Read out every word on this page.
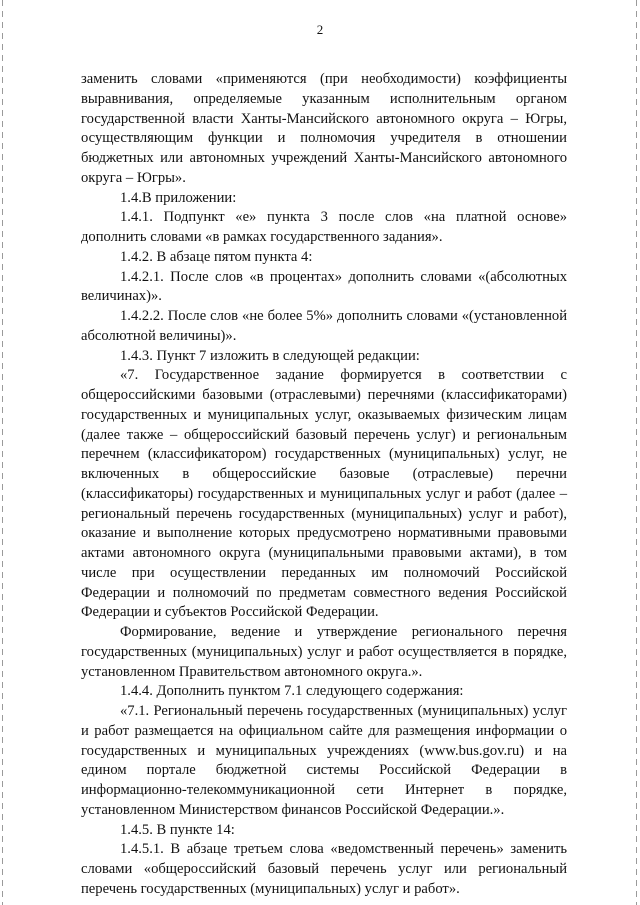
2

заменить словами «применяются (при необходимости) коэффициенты выравнивания, определяемые указанным исполнительным органом государственной власти Ханты-Мансийского автономного округа – Югры, осуществляющим функции и полномочия учредителя в отношении бюджетных или автономных учреждений Ханты-Мансийского автономного округа – Югры».

1.4.В приложении:

1.4.1. Подпункт «е» пункта 3 после слов «на платной основе» дополнить словами «в рамках государственного задания».

1.4.2. В абзаце пятом пункта 4:

1.4.2.1. После слов «в процентах» дополнить словами «(абсолютных величинах)».

1.4.2.2. После слов «не более 5%» дополнить словами «(установленной абсолютной величины)».

1.4.3. Пункт 7 изложить в следующей редакции:

«7. Государственное задание формируется в соответствии с общероссийскими базовыми (отраслевыми) перечнями (классификаторами) государственных и муниципальных услуг, оказываемых физическим лицам (далее также – общероссийский базовый перечень услуг) и региональным перечнем (классификатором) государственных (муниципальных) услуг, не включенных в общероссийские базовые (отраслевые) перечни (классификаторы) государственных и муниципальных услуг и работ (далее – региональный перечень государственных (муниципальных) услуг и работ), оказание и выполнение которых предусмотрено нормативными правовыми актами автономного округа (муниципальными правовыми актами), в том числе при осуществлении переданных им полномочий Российской Федерации и полномочий по предметам совместного ведения Российской Федерации и субъектов Российской Федерации.

Формирование, ведение и утверждение регионального перечня государственных (муниципальных) услуг и работ осуществляется в порядке, установленном Правительством автономного округа.».

1.4.4. Дополнить пунктом 7.1 следующего содержания:

«7.1. Региональный перечень государственных (муниципальных) услуг и работ размещается на официальном сайте для размещения информации о государственных и муниципальных учреждениях (www.bus.gov.ru) и на едином портале бюджетной системы Российской Федерации в информационно-телекоммуникационной сети Интернет в порядке, установленном Министерством финансов Российской Федерации.».

1.4.5. В пункте 14:

1.4.5.1. В абзаце третьем слова «ведомственный перечень» заменить словами «общероссийский базовый перечень услуг или региональный перечень государственных (муниципальных) услуг и работ».
